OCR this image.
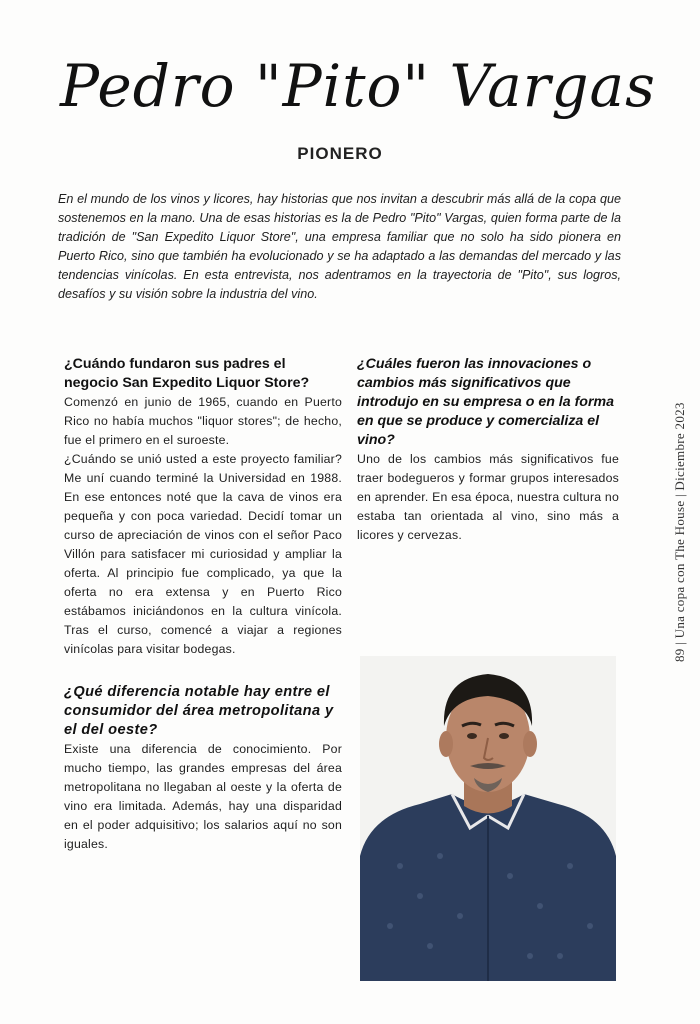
Pedro "Pito" Vargas
PIONERO

En el mundo de los vinos y licores, hay historias que nos invitan a descubrir más allá de la copa que sostenemos en la mano. Una de esas historias es la de Pedro "Pito" Vargas, quien forma parte de la tradición de "San Expedito Liquor Store", una empresa familiar que no solo ha sido pionera en Puerto Rico, sino que también ha evolucionado y se ha adaptado a las demandas del mercado y las tendencias vinícolas. En esta entrevista, nos adentramos en la trayectoria de "Pito", sus logros, desafíos y su visión sobre la industria del vino.

¿Cuándo fundaron sus padres el negocio San Expedito Liquor Store?

Comenzó en junio de 1965, cuando en Puerto Rico no había muchos "liquor stores"; de hecho, fue el primero en el suroeste.

¿Cuándo se unió usted a este proyecto familiar? Me uní cuando terminé la Universidad en 1988. En ese entonces noté que la cava de vinos era pequeña y con poca variedad. Decidí tomar un curso de apreciación de vinos con el señor Paco Villón para satisfacer mi curiosidad y ampliar la oferta. Al principio fue complicado, ya que la oferta no era extensa y en Puerto Rico estábamos iniciándonos en la cultura vinícola. Tras el curso, comencé a viajar a regiones vinícolas para visitar bodegas.

¿Qué diferencia notable hay entre el consumidor del área metropolitana y el del oeste?

Existe una diferencia de conocimiento. Por mucho tiempo, las grandes empresas del área metropolitana no llegaban al oeste y la oferta de vino era limitada. Además, hay una disparidad en el poder adquisitivo; los salarios aquí no son iguales.

¿Cuáles fueron las innovaciones o cambios más significativos que introdujo en su empresa o en la forma en que se produce y comercializa el vino?

Uno de los cambios más significativos fue traer bodegueros y formar grupos interesados en aprender. En esa época, nuestra cultura no estaba tan orientada al vino, sino más a licores y cervezas.

89 | Una copa con The House | Diciembre 2023
